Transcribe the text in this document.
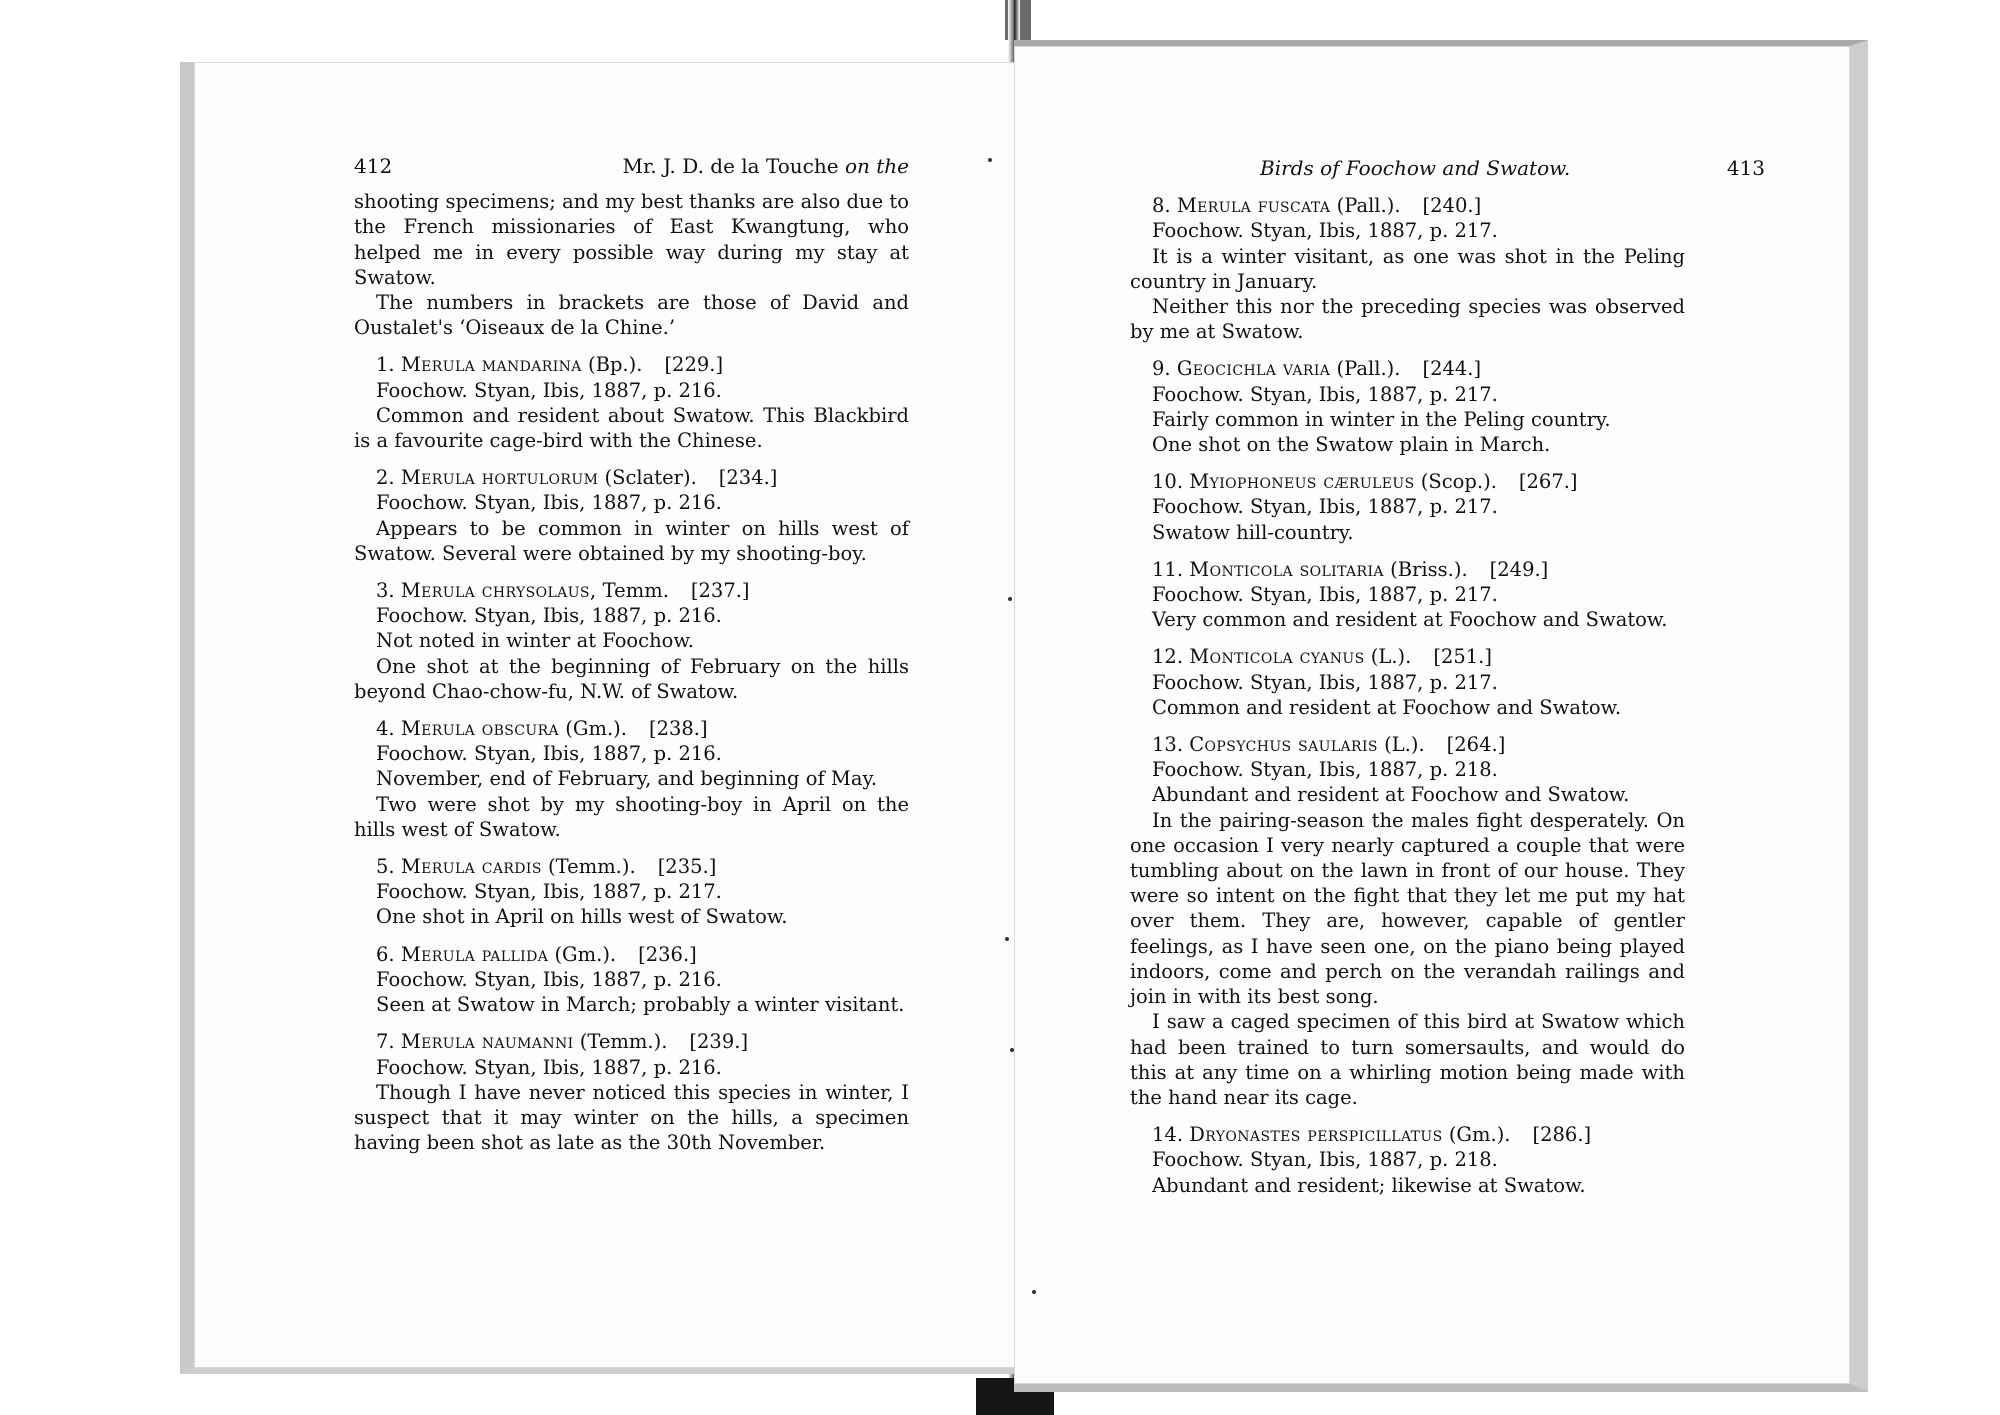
412	Mr. J. D. de la Touche on the

shooting specimens; and my best thanks are also due to the French missionaries of East Kwangtung, who helped me in every possible way during my stay at Swatow.

The numbers in brackets are those of David and Oustalet's ‘Oiseaux de la Chine.’

1. Merula mandarina (Bp.). [229.]

Foochow. Styan, Ibis, 1887, p. 216.

Common and resident about Swatow. This Blackbird is a favourite cage-bird with the Chinese.

2. Merula hortulorum (Sclater). [234.]

Foochow. Styan, Ibis, 1887, p. 216.

Appears to be common in winter on hills west of Swatow. Several were obtained by my shooting-boy.

3. Merula chrysolaus, Temm. [237.]

Foochow. Styan, Ibis, 1887, p. 216.

Not noted in winter at Foochow.

One shot at the beginning of February on the hills beyond Chao-chow-fu, N.W. of Swatow.

4. Merula obscura (Gm.). [238.]

Foochow. Styan, Ibis, 1887, p. 216.

November, end of February, and beginning of May.

Two were shot by my shooting-boy in April on the hills west of Swatow.

5. Merula cardis (Temm.). [235.]

Foochow. Styan, Ibis, 1887, p. 217.

One shot in April on hills west of Swatow.

6. Merula pallida (Gm.). [236.]

Foochow. Styan, Ibis, 1887, p. 216.

Seen at Swatow in March; probably a winter visitant.

7. Merula naumanni (Temm.). [239.]

Foochow. Styan, Ibis, 1887, p. 216.

Though I have never noticed this species in winter, I suspect that it may winter on the hills, a specimen having been shot as late as the 30th November.

Birds of Foochow and Swatow.	413

8. Merula fuscata (Pall.). [240.]

Foochow. Styan, Ibis, 1887, p. 217.

It is a winter visitant, as one was shot in the Peling country in January.

Neither this nor the preceding species was observed by me at Swatow.

9. Geocichla varia (Pall.). [244.]

Foochow. Styan, Ibis, 1887, p. 217.

Fairly common in winter in the Peling country.

One shot on the Swatow plain in March.

10. Myiophoneus cæruleus (Scop.). [267.]

Foochow. Styan, Ibis, 1887, p. 217.

Swatow hill-country.

11. Monticola solitaria (Briss.). [249.]

Foochow. Styan, Ibis, 1887, p. 217.

Very common and resident at Foochow and Swatow.

12. Monticola cyanus (L.). [251.]

Foochow. Styan, Ibis, 1887, p. 217.

Common and resident at Foochow and Swatow.

13. Copsychus saularis (L.). [264.]

Foochow. Styan, Ibis, 1887, p. 218.

Abundant and resident at Foochow and Swatow.

In the pairing-season the males fight desperately. On one occasion I very nearly captured a couple that were tumbling about on the lawn in front of our house. They were so intent on the fight that they let me put my hat over them. They are, however, capable of gentler feelings, as I have seen one, on the piano being played indoors, come and perch on the verandah railings and join in with its best song.

I saw a caged specimen of this bird at Swatow which had been trained to turn somersaults, and would do this at any time on a whirling motion being made with the hand near its cage.

14. Dryonastes perspicillatus (Gm.). [286.]

Foochow. Styan, Ibis, 1887, p. 218.

Abundant and resident; likewise at Swatow.
